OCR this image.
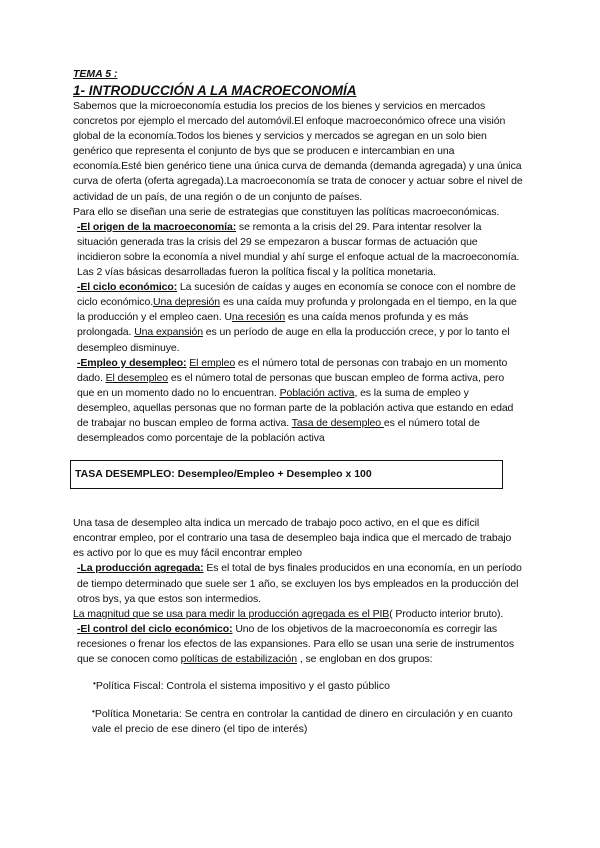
TEMA 5 :
1- INTRODUCCIÓN A LA MACROECONOMÍA

Sabemos que la microeconomía estudia los precios de los bienes y servicios en mercados concretos por ejemplo el mercado del automóvil.El enfoque macroeconómico ofrece una visión global de la economía.Todos los bienes y servicios y mercados se agregan en un solo bien genérico que representa el conjunto de bys que se producen e intercambian en una economía.Esté bien genérico tiene una única curva de demanda (demanda agregada) y una única curva de oferta (oferta agregada).La macroeconomía se trata de conocer y actuar sobre el nivel de actividad de un país, de una región o de un conjunto de países.

Para ello se diseñan una serie de estrategias que constituyen las políticas macroeconómicas.

-El origen de la macroeconomía: se remonta a la crisis del 29. Para intentar resolver la situación generada tras la crisis del 29 se empezaron a buscar formas de actuación que incidieron sobre la economía a nivel mundial y ahí surge el enfoque actual de la macroeconomía. Las 2 vías básicas desarrolladas fueron la política fiscal y la política monetaria.

-El ciclo económico: La sucesión de caídas y auges en economía se conoce con el nombre de ciclo económico.Una depresión es una caída muy profunda y prolongada en el tiempo, en la que la producción y el empleo caen. Una recesión es una caída menos profunda y es más prolongada. Una expansión es un período de auge en ella la producción crece, y por lo tanto el desempleo disminuye.

-Empleo y desempleo: El empleo es el número total de personas con trabajo en un momento dado. El desempleo es el número total de personas que buscan empleo de forma activa, pero que en un momento dado no lo encuentran. Población activa, es la suma de empleo y desempleo, aquellas personas que no forman parte de la población activa que estando en edad de trabajar no buscan empleo de forma activa. Tasa de desempleo es el número total de desempleados como porcentaje de la población activa

TASA DESEMPLEO: Desempleo/Empleo + Desempleo x 100

Una tasa de desempleo alta indica un mercado de trabajo poco activo, en el que es difícil encontrar empleo, por el contrario una tasa de desempleo baja indica que el mercado de trabajo es activo por lo que es muy fácil encontrar empleo

-La producción agregada: Es el total de bys finales producidos en una economía, en un período de tiempo determinado que suele ser 1 año, se excluyen los bys empleados en la producción del otros bys, ya que estos son intermedios.

La magnitud que se usa para medir la producción agregada es el PIB( Producto interior bruto).

-El control del ciclo económico: Uno de los objetivos de la macroeconomía es corregir las recesiones o frenar los efectos de las expansiones. Para ello se usan una serie de instrumentos que se conocen como políticas de estabilización , se engloban en dos grupos:

•Política Fiscal: Controla el sistema impositivo y el gasto público
•Política Monetaria: Se centra en controlar la cantidad de dinero en circulación y en cuanto vale el precio de ese dinero (el tipo de interés)
